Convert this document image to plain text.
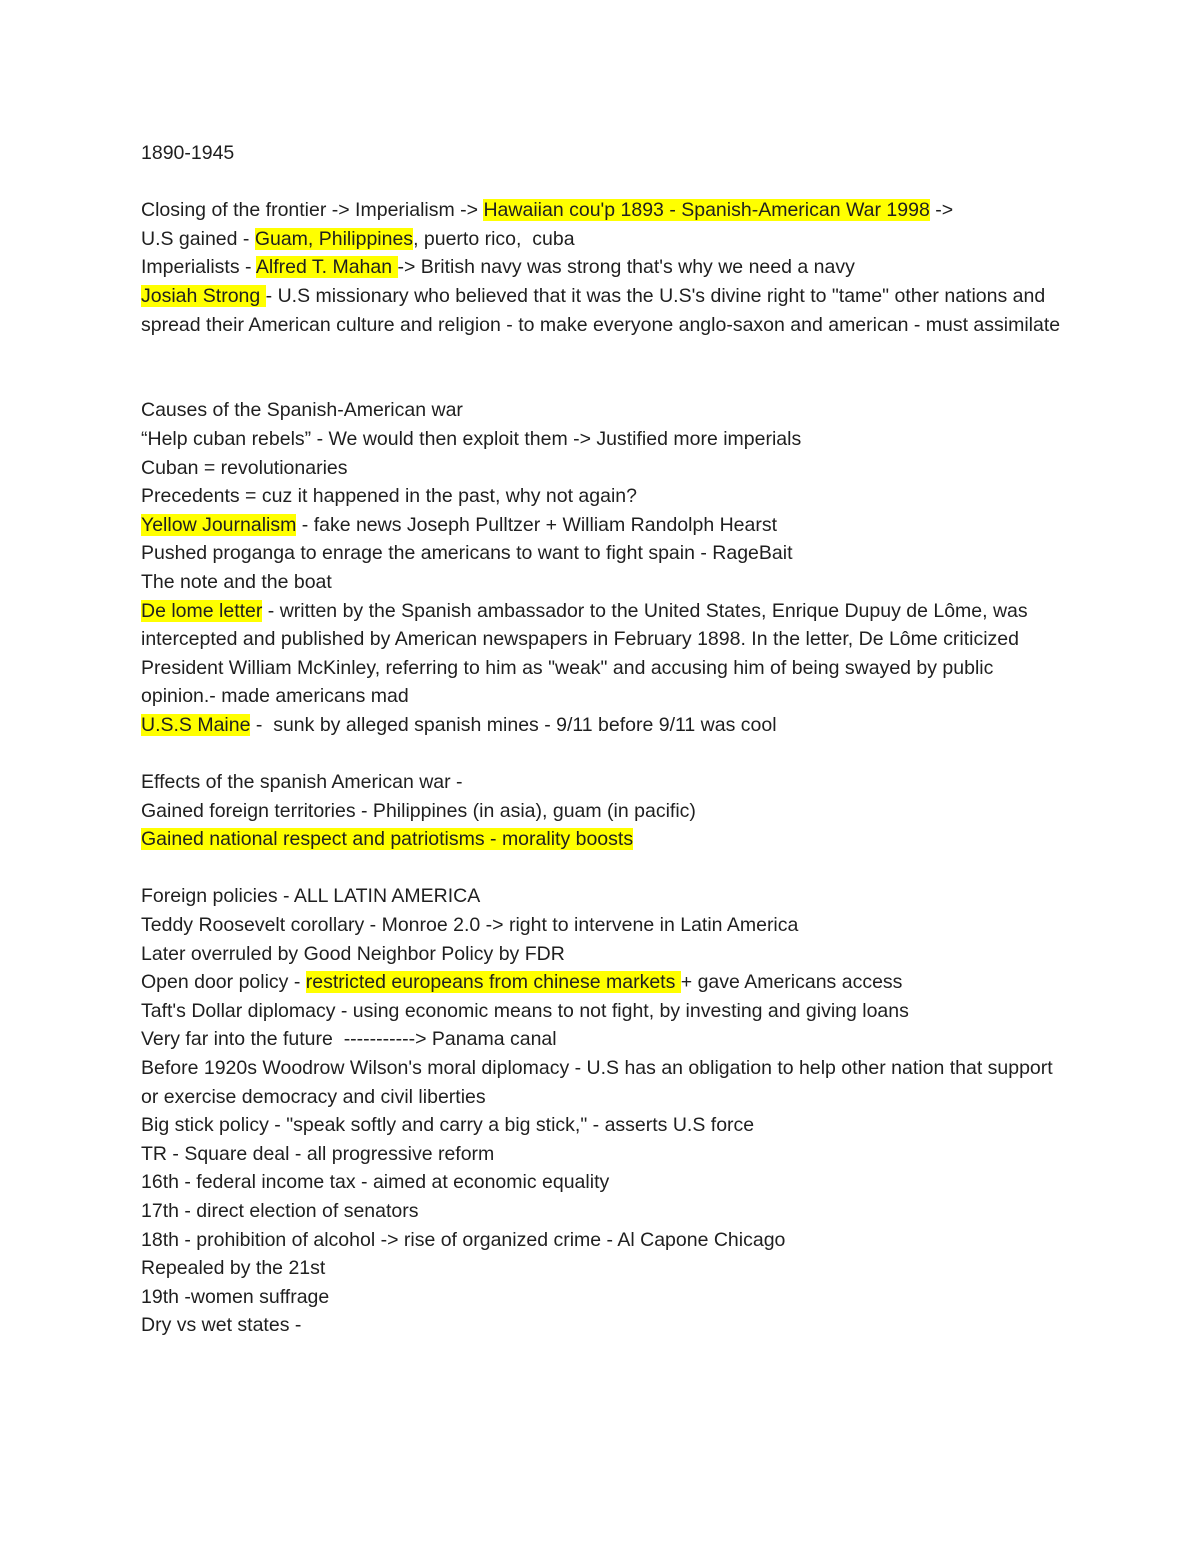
1890-1945
Closing of the frontier -> Imperialism -> Hawaiian cou'p 1893 - Spanish-American War 1998 ->
U.S gained - Guam, Philippines, puerto rico,  cuba
Imperialists - Alfred T. Mahan -> British navy was strong that's why we need a navy
Josiah Strong - U.S missionary who believed that it was the U.S's divine right to "tame" other nations and spread their American culture and religion - to make everyone anglo-saxon and american - must assimilate
Causes of the Spanish-American war
“Help cuban rebels” - We would then exploit them -> Justified more imperials
Cuban = revolutionaries
Precedents = cuz it happened in the past, why not again?
Yellow Journalism - fake news Joseph Pulltzer + William Randolph Hearst
Pushed proganga to enrage the americans to want to fight spain - RageBait
The note and the boat
De lome letter - written by the Spanish ambassador to the United States, Enrique Dupuy de Lôme, was intercepted and published by American newspapers in February 1898. In the letter, De Lôme criticized President William McKinley, referring to him as "weak" and accusing him of being swayed by public opinion.- made americans mad
U.S.S Maine -  sunk by alleged spanish mines - 9/11 before 9/11 was cool
Effects of the spanish American war -
Gained foreign territories - Philippines (in asia), guam (in pacific)
Gained national respect and patriotisms - morality boosts
Foreign policies - ALL LATIN AMERICA
Teddy Roosevelt corollary - Monroe 2.0 -> right to intervene in Latin America
Later overruled by Good Neighbor Policy by FDR
Open door policy - restricted europeans from chinese markets + gave Americans access
Taft's Dollar diplomacy - using economic means to not fight, by investing and giving loans
Very far into the future  -----------> Panama canal
Before 1920s Woodrow Wilson's moral diplomacy - U.S has an obligation to help other nation that support or exercise democracy and civil liberties
Big stick policy - "speak softly and carry a big stick," - asserts U.S force
TR - Square deal - all progressive reform
16th - federal income tax - aimed at economic equality
17th - direct election of senators
18th - prohibition of alcohol -> rise of organized crime - Al Capone Chicago
Repealed by the 21st
19th -women suffrage
Dry vs wet states -
